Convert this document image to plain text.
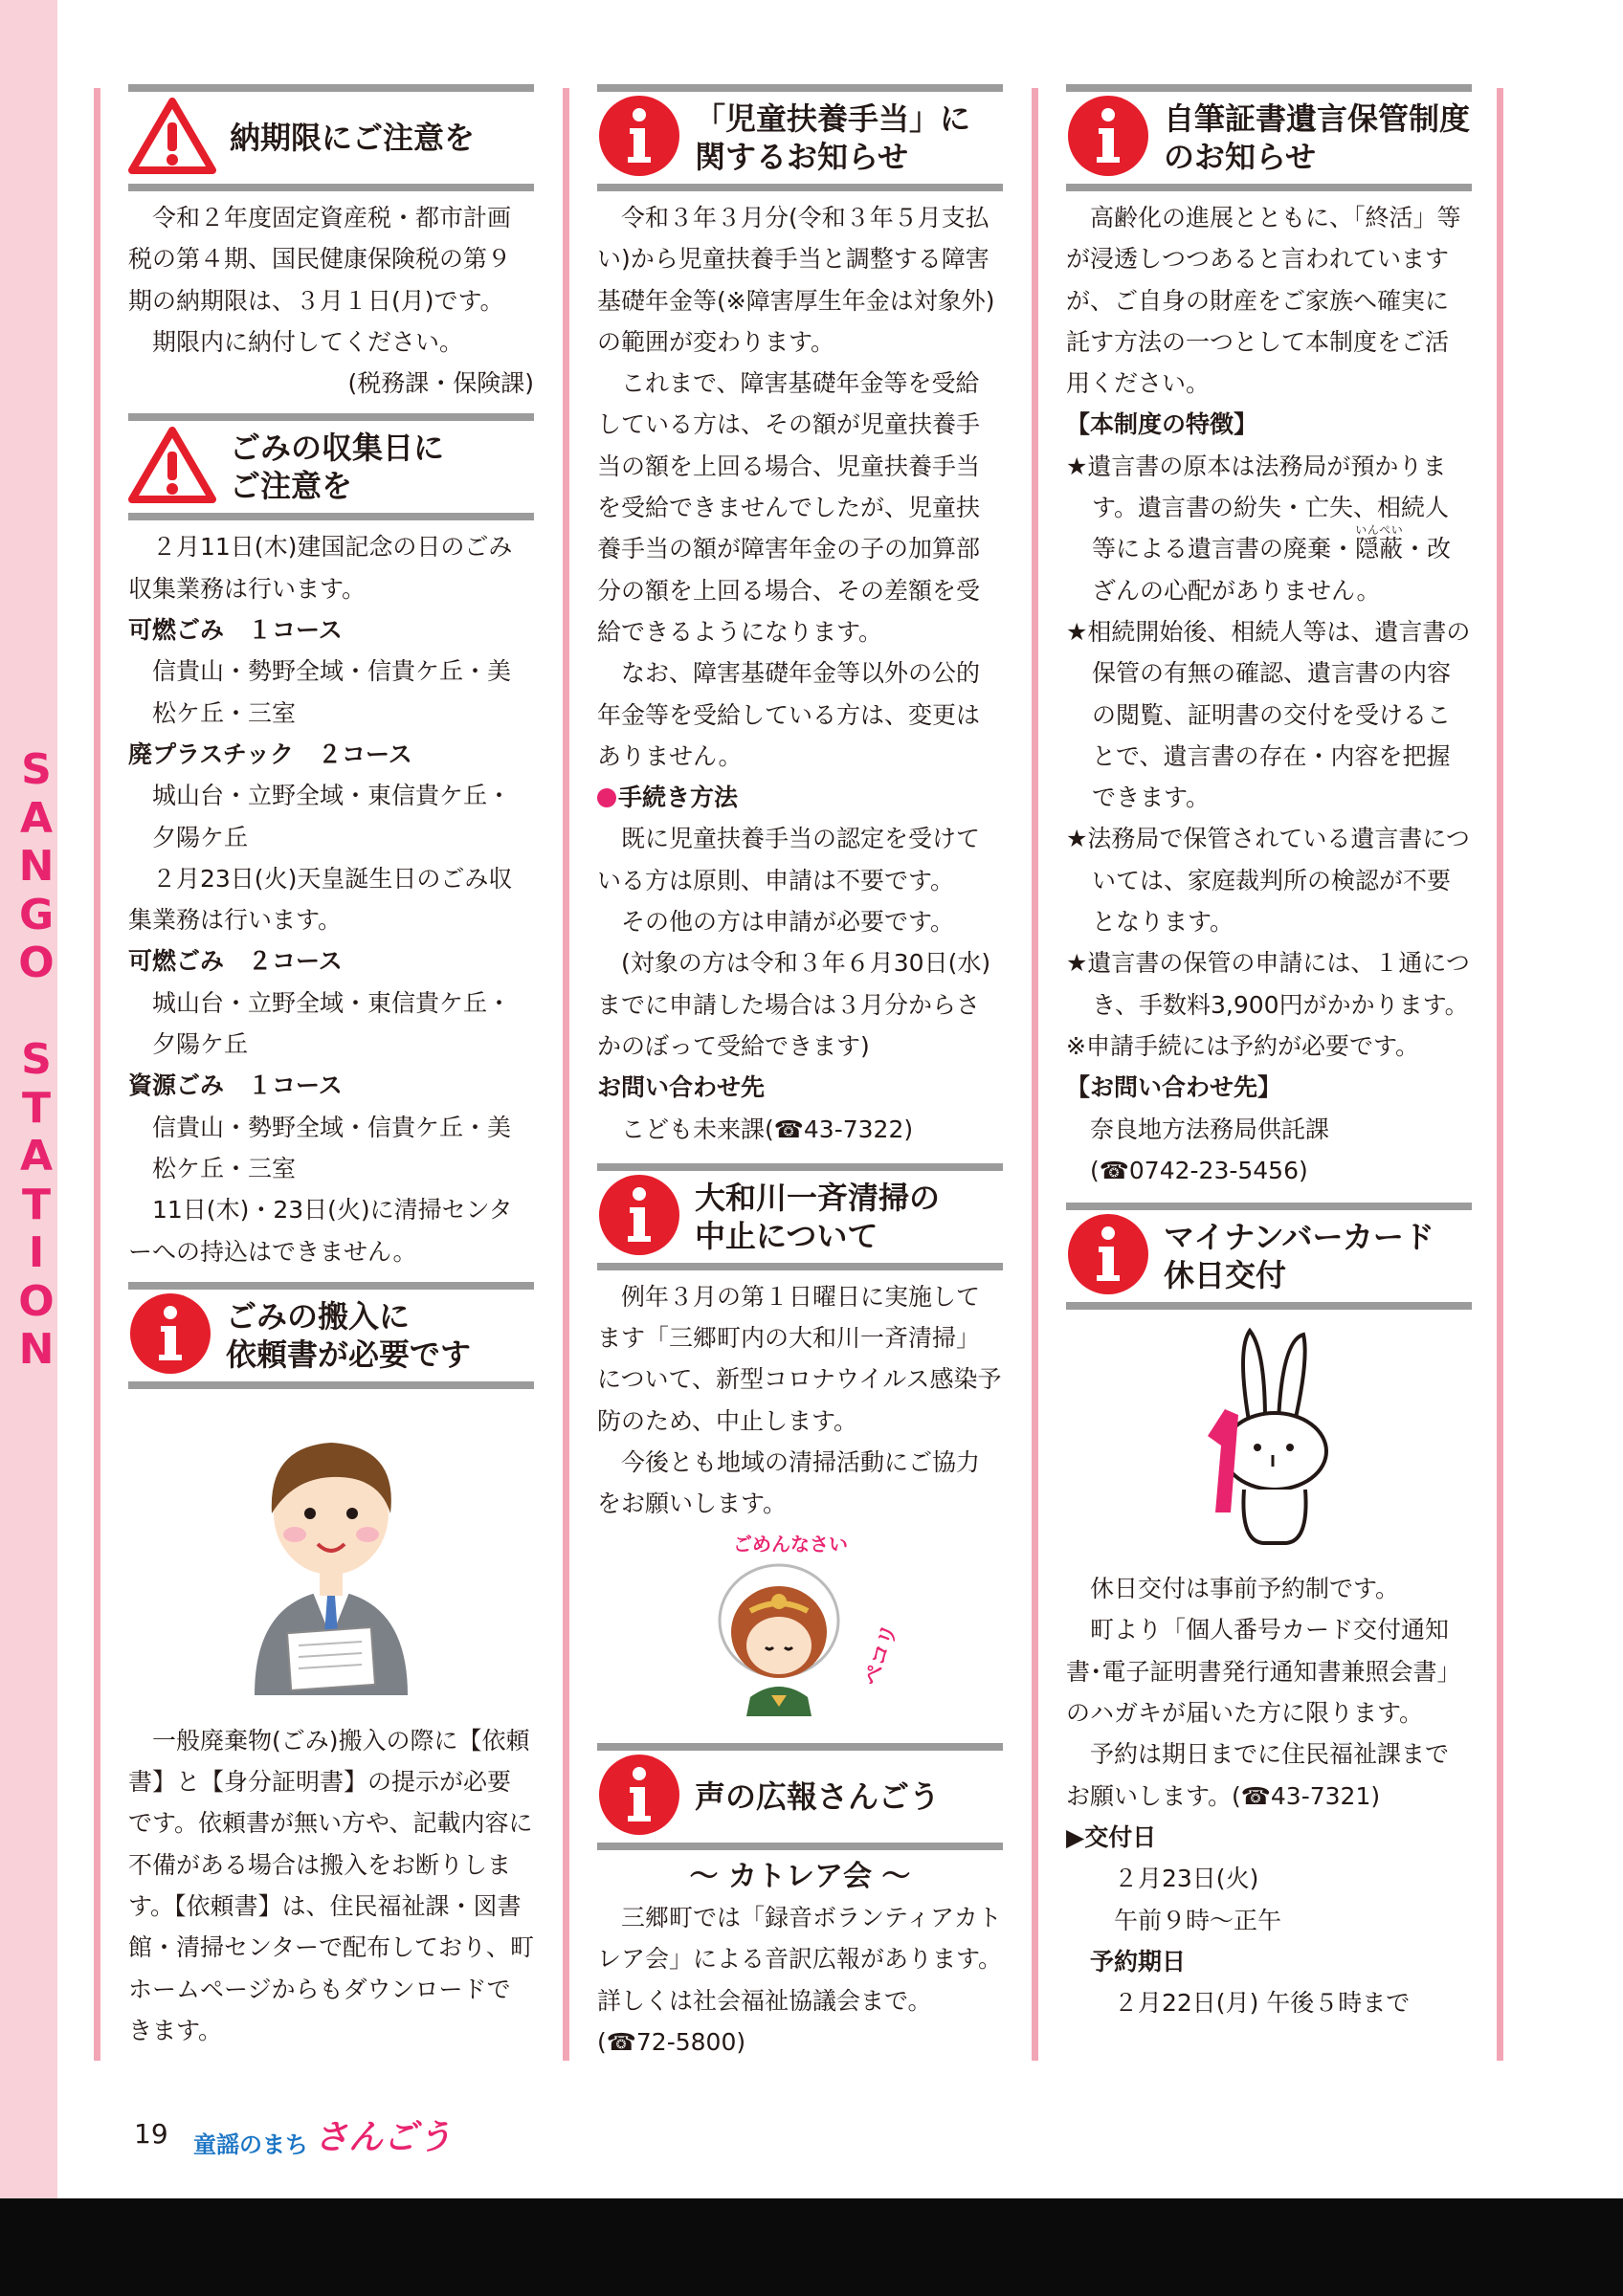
S
A
N
G
O
S
T
A
T
I
O
N
納期限にご注意を

令和２年度固定資産税・都市計画税の第４期、国民健康保険税の第９期の納期限は、３月１日(月)です。

期限内に納付してください。

(税務課・保険課)

ごみの収集日に
ご注意を

２月11日(木)建国記念の日のごみ収集業務は行います。

可燃ごみ　１コース

信貴山・勢野全域・信貴ケ丘・美松ケ丘・三室

廃プラスチック　２コース

城山台・立野全域・東信貴ケ丘・夕陽ケ丘

２月23日(火)天皇誕生日のごみ収集業務は行います。

可燃ごみ　２コース

城山台・立野全域・東信貴ケ丘・夕陽ケ丘

資源ごみ　１コース

信貴山・勢野全域・信貴ケ丘・美松ケ丘・三室

11日(木)・23日(火)に清掃センターへの持込はできません。

ごみの搬入に
依頼書が必要です

一般廃棄物(ごみ)搬入の際に【依頼書】と【身分証明書】の提示が必要です。依頼書が無い方や、記載内容に不備がある場合は搬入をお断りします。【依頼書】は、住民福祉課・図書館・清掃センターで配布しており、町ホームページからもダウンロードできます。

「児童扶養手当」に
関するお知らせ

令和３年３月分(令和３年５月支払い)から児童扶養手当と調整する障害基礎年金等(※障害厚生年金は対象外)の範囲が変わります。

これまで、障害基礎年金等を受給している方は、その額が児童扶養手当の額を上回る場合、児童扶養手当を受給できませんでしたが、児童扶養手当の額が障害年金の子の加算部分の額を上回る場合、その差額を受給できるようになります。

なお、障害基礎年金等以外の公的年金等を受給している方は、変更はありません。

手続き方法

既に児童扶養手当の認定を受けている方は原則、申請は不要です。

その他の方は申請が必要です。

(対象の方は令和３年６月30日(水)までに申請した場合は３月分からさかのぼって受給できます)

お問い合わせ先

こども未来課(☎43-7322)

大和川一斉清掃の
中止について

例年３月の第１日曜日に実施してます「三郷町内の大和川一斉清掃」について、新型コロナウイルス感染予防のため、中止します。

今後とも地域の清掃活動にご協力をお願いします。

ごめんなさい
ペコリ
声の広報さんごう

～ カトレア会 ～

三郷町では「録音ボランティアカトレア会」による音訳広報があります。詳しくは社会福祉協議会まで。

(☎72-5800)

自筆証書遺言保管制度
のお知らせ

高齢化の進展とともに、「終活」等が浸透しつつあると言われていますが、ご自身の財産をご家族へ確実に託す方法の一つとして本制度をご活用ください。

【本制度の特徴】

★遺言書の原本は法務局が預かります。遺言書の紛失・亡失、相続人等による遺言書の廃棄・隠蔽いんぺい・改ざんの心配がありません。

★相続開始後、相続人等は、遺言書の保管の有無の確認、遺言書の内容の閲覧、証明書の交付を受けることで、遺言書の存在・内容を把握できます。

★法務局で保管されている遺言書については、家庭裁判所の検認が不要となります。

★遺言書の保管の申請には、１通につき、手数料3,900円がかかります。

※申請手続には予約が必要です。

【お問い合わせ先】

奈良地方法務局供託課

(☎0742-23-5456)

マイナンバーカード
休日交付

休日交付は事前予約制です。

町より「個人番号カード交付通知書･電子証明書発行通知書兼照会書」のハガキが届いた方に限ります。

予約は期日までに住民福祉課までお願いします。(☎43-7321)

▶交付日

２月23日(火)

午前９時～正午

予約期日

２月22日(月) 午後５時まで

19 童謡のまち さんごう
